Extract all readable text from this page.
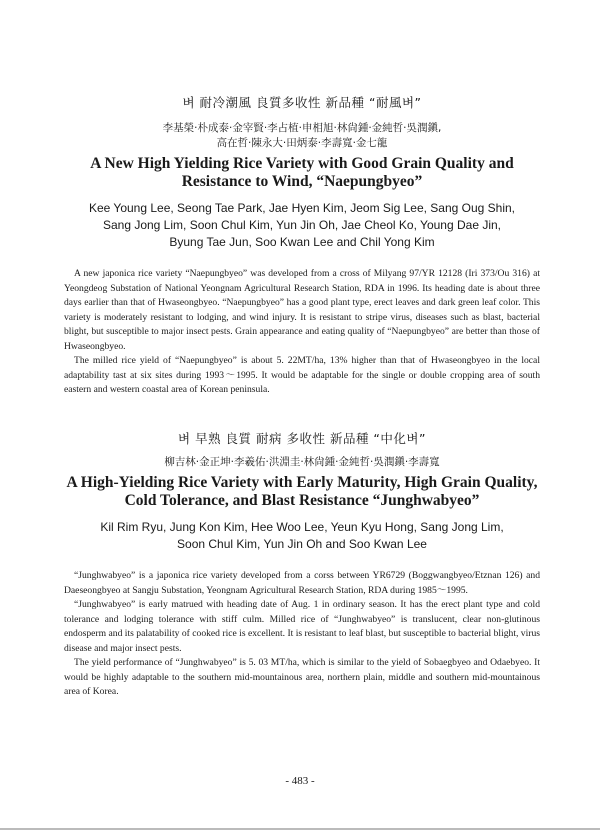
벼 耐冷潮風 良質多收性 新品種 “耐風벼”

李基榮·朴成泰·金宰賢·李占植·申相旭·林尙鍾·金純哲·吳潤鎭,

高在哲·陳永大·田炳泰·李壽寬·金七龍

A New High Yielding Rice Variety with Good Grain Quality and

Resistance to Wind, “Naepungbyeo”

Kee Young Lee, Seong Tae Park, Jae Hyen Kim, Jeom Sig Lee, Sang Oug Shin,

Sang Jong Lim, Soon Chul Kim, Yun Jin Oh, Jae Cheol Ko, Young Dae Jin,

Byung Tae Jun, Soo Kwan Lee and Chil Yong Kim

A new japonica rice variety “Naepungbyeo” was developed from a cross of Milyang 97/YR 12128 (Iri 373/Ou 316) at Yeongdeog Substation of National Yeongnam Agricultural Research Station, RDA in 1996. Its heading date is about three days earlier than that of Hwaseongbyeo. “Naepungbyeo” has a good plant type, erect leaves and dark green leaf color. This variety is moderately resistant to lodging, and wind injury. It is resistant to stripe virus, diseases such as blast, bacterial blight, but susceptible to major insect pests. Grain appearance and eating quality of “Naepungbyeo” are better than those of Hwaseongbyeo.

The milled rice yield of “Naepungbyeo” is about 5. 22MT/ha, 13% higher than that of Hwaseongbyeo in the local adaptability tast at six sites during 1993～1995. It would be adaptable for the single or double cropping area of south eastern and western coastal area of Korean peninsula.

벼 早熟 良質 耐病 多收性 新品種 “中化벼”

柳吉林·金正坤·李羲佑·洪淵圭·林尙鍾·金純哲·吳潤鎭·李壽寬

A High-Yielding Rice Variety with Early Maturity, High Grain Quality,

Cold Tolerance, and Blast Resistance “Junghwabyeo”

Kil Rim Ryu, Jung Kon Kim, Hee Woo Lee, Yeun Kyu Hong, Sang Jong Lim,

Soon Chul Kim, Yun Jin Oh and Soo Kwan Lee

“Junghwabyeo” is a japonica rice variety developed from a corss between YR6729 (Boggwangbyeo/Etznan 126) and Daeseongbyeo at Sangju Substation, Yeongnam Agricultural Research Station, RDA during 1985～1995.

“Junghwabyeo” is early matrued with heading date of Aug. 1 in ordinary season. It has the erect plant type and cold tolerance and lodging tolerance with stiff culm. Milled rice of “Junghwabyeo” is translucent, clear non-glutinous endosperm and its palatability of cooked rice is excellent. It is resistant to leaf blast, but susceptible to bacterial blight, virus disease and major insect pests.

The yield performance of “Junghwabyeo” is 5. 03 MT/ha, which is similar to the yield of Sobaegbyeo and Odaebyeo. It would be highly adaptable to the southern mid-mountainous area, northern plain, middle and southern mid-mountainous area of Korea.

- 483 -
